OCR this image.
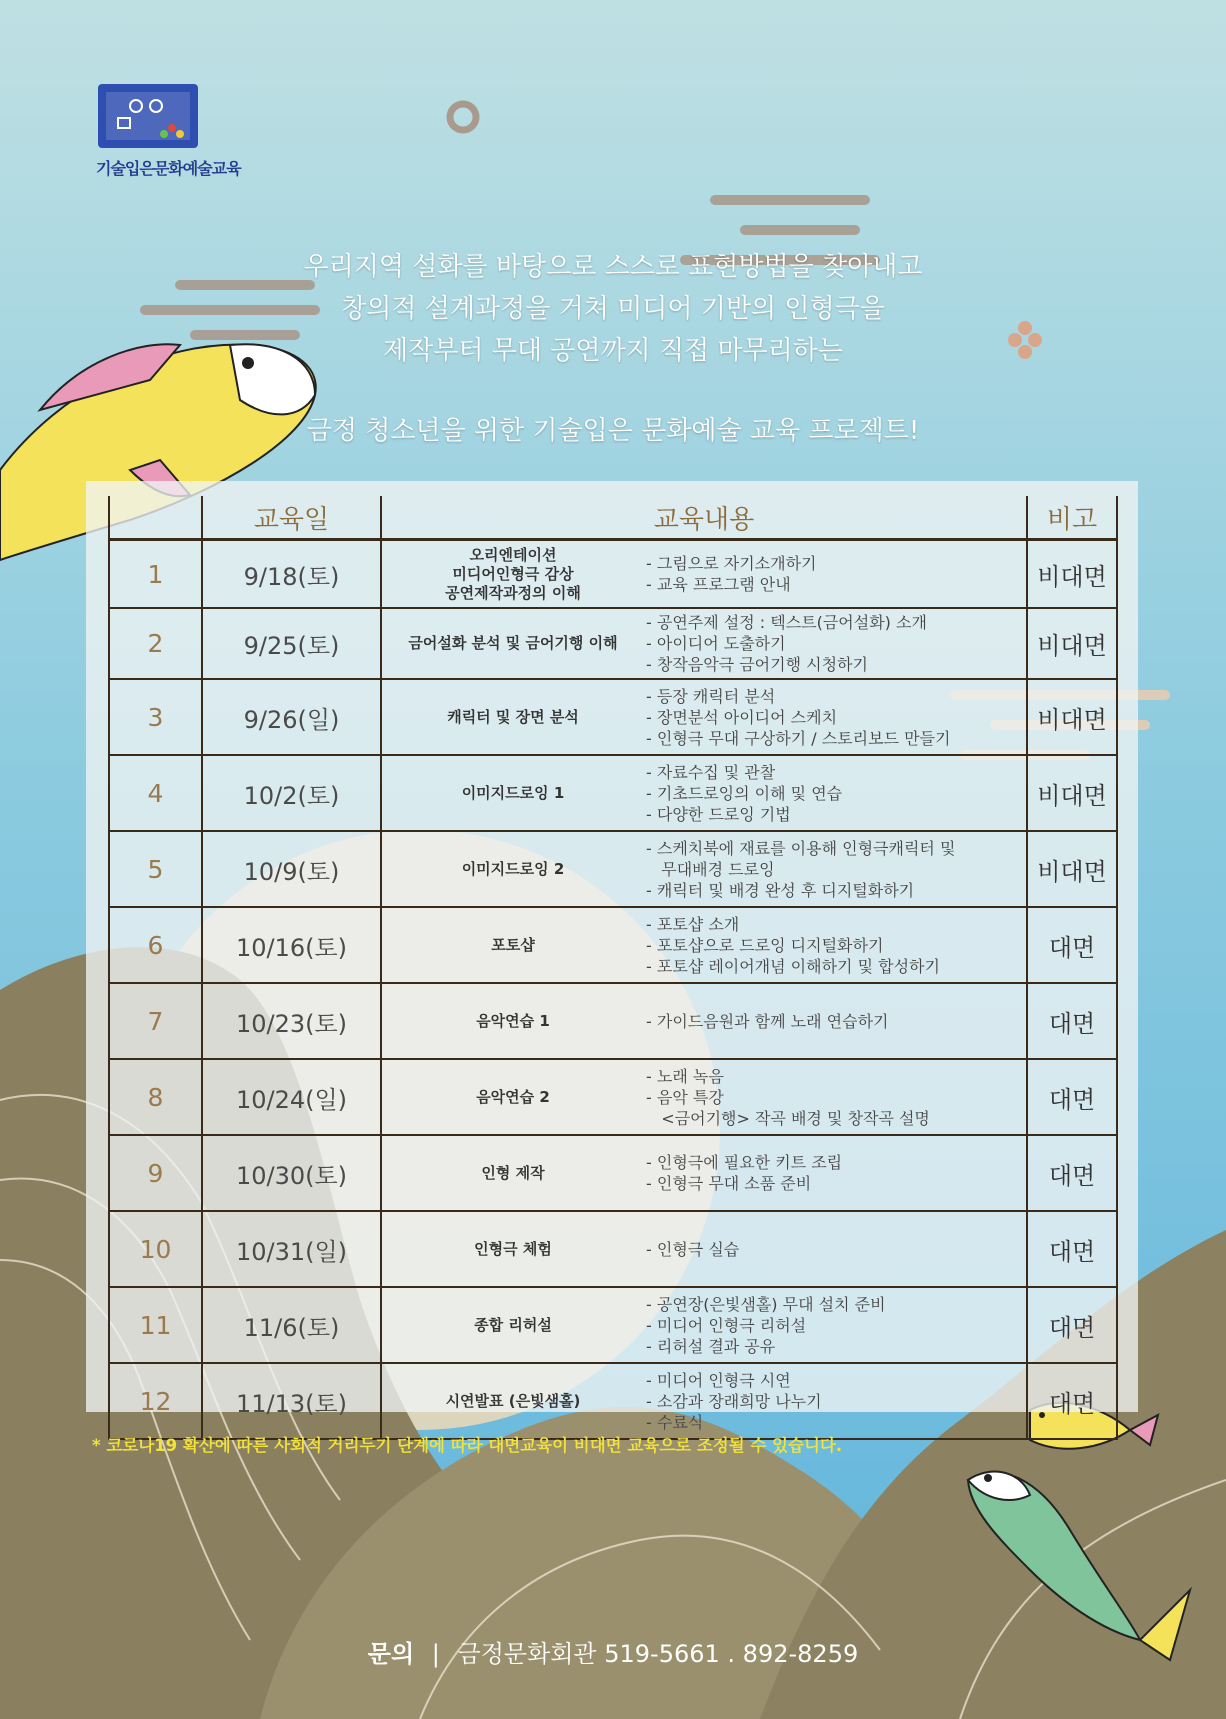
기술입은문화예술교육
우리지역 설화를 바탕으로 스스로 표현방법을 찾아내고
창의적 설계과정을 거쳐 미디어 기반의 인형극을
제작부터 무대 공연까지 직접 마무리하는
금정 청소년을 위한 기술입은 문화예술 교육 프로젝트!
	교육일	교육내용	비고
1	9/18(토)	오리엔테이션
미디어인형극 감상
공연제작과정의 이해
- 그림으로 자기소개하기
- 교육 프로그램 안내	비대면
2	9/25(토)	금어설화 분석 및 금어기행 이해
- 공연주제 설정 : 텍스트(금어설화) 소개
- 아이디어 도출하기
- 창작음악극 금어기행 시청하기	비대면
3	9/26(일)	캐릭터 및 장면 분석
- 등장 캐릭터 분석
- 장면분석 아이디어 스케치
- 인형극 무대 구상하기 / 스토리보드 만들기	비대면
4	10/2(토)	이미지드로잉 1
- 자료수집 및 관찰
- 기초드로잉의 이해 및 연습
- 다양한 드로잉 기법	비대면
5	10/9(토)	이미지드로잉 2
- 스케치북에 재료를 이용해 인형극캐릭터 및
무대배경 드로잉
- 캐릭터 및 배경 완성 후 디지털화하기	비대면
6	10/16(토)	포토샵
- 포토샵 소개
- 포토샵으로 드로잉 디지털화하기
- 포토샵 레이어개념 이해하기 및 합성하기	대면
7	10/23(토)	음악연습 1 - 가이드음원과 함께 노래 연습하기	대면
8	10/24(일)	음악연습 2
- 노래 녹음
- 음악 특강
<금어기행> 작곡 배경 및 창작곡 설명	대면
9	10/30(토)	인형 제작
- 인형극에 필요한 키트 조립
- 인형극 무대 소품 준비	대면
10	10/31(일)	인형극 체험 - 인형극 실습	대면
11	11/6(토)	종합 리허설
- 공연장(은빛샘홀) 무대 설치 준비
- 미디어 인형극 리허설
- 리허설 결과 공유	대면
12	11/13(토)	시연발표 (은빛샘홀)
- 미디어 인형극 시연
- 소감과 장래희망 나누기
- 수료식	대면
* 코로나19 확산에 따른 사회적 거리두기 단계에 따라 대면교육이 비대면 교육으로 조정될 수 있습니다.
문의 | 금정문화회관 519-5661 . 892-8259
